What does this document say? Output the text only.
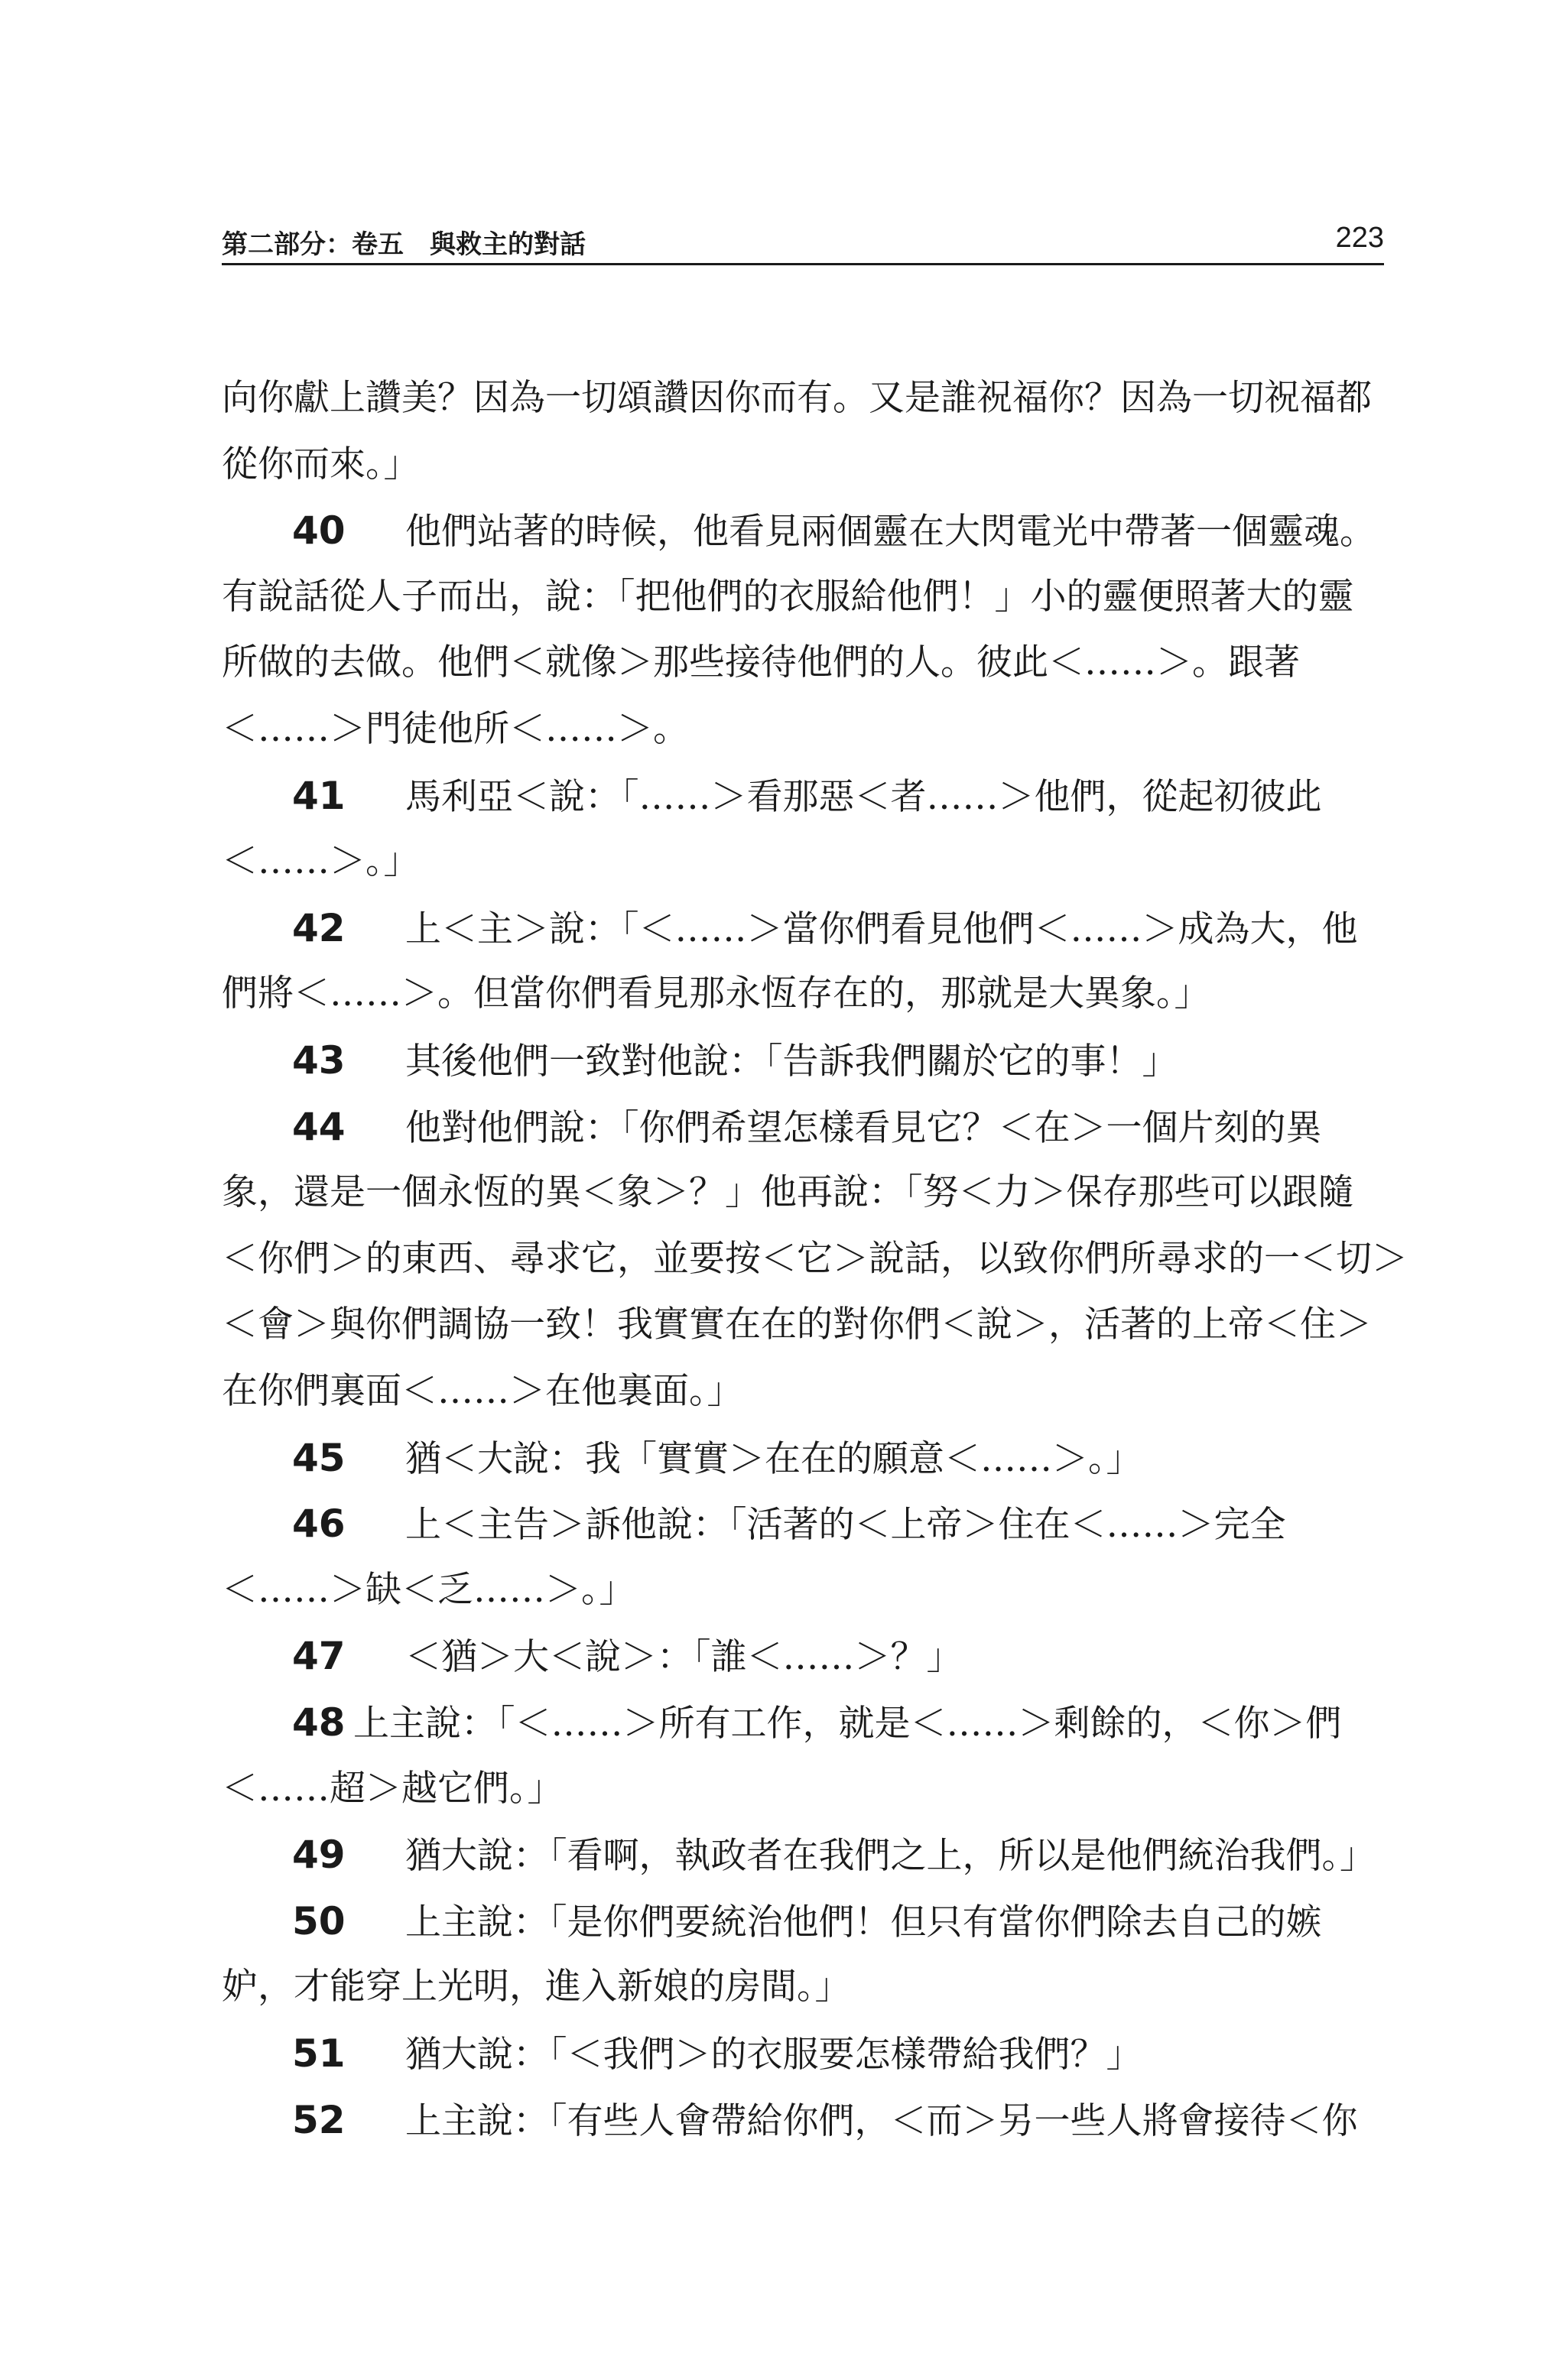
第二部分：卷五　與救主的對話	223
向你獻上讚美？因為一切頌讚因你而有。又是誰祝福你？因為一切祝福都
從你而來。」
40 他們站著的時候，他看見兩個靈在大閃電光中帶著一個靈魂。
有說話從人子而出，說：「把他們的衣服給他們！」小的靈便照著大的靈
所做的去做。他們＜就像＞那些接待他們的人。彼此＜……＞。跟著
＜……＞門徒他所＜……＞。
41 馬利亞＜說：「……＞看那惡＜者……＞他們，從起初彼此
＜……＞。」
42 上＜主＞說：「＜……＞當你們看見他們＜……＞成為大，他
們將＜……＞。但當你們看見那永恆存在的，那就是大異象。」
43 其後他們一致對他說：「告訴我們關於它的事！」
44 他對他們說：「你們希望怎樣看見它？＜在＞一個片刻的異
象，還是一個永恆的異＜象＞？」他再說：「努＜力＞保存那些可以跟隨
＜你們＞的東西、尋求它，並要按＜它＞說話，以致你們所尋求的一＜切＞
＜會＞與你們調協一致！我實實在在的對你們＜說＞，活著的上帝＜住＞
在你們裏面＜……＞在他裏面。」
45 猶＜大說：我「實實＞在在的願意＜……＞。」
46 上＜主告＞訴他說：「活著的＜上帝＞住在＜……＞完全
＜……＞缺＜乏……＞。」
47 ＜猶＞大＜說＞：「誰＜……＞？」
48 上主說：「＜……＞所有工作，就是＜……＞剩餘的，＜你＞們
＜……超＞越它們。」
49 猶大說：「看啊，執政者在我們之上，所以是他們統治我們。」
50 上主說：「是你們要統治他們！但只有當你們除去自己的嫉
妒，才能穿上光明，進入新娘的房間。」
51 猶大說：「＜我們＞的衣服要怎樣帶給我們？」
52 上主說：「有些人會帶給你們，＜而＞另一些人將會接待＜你
